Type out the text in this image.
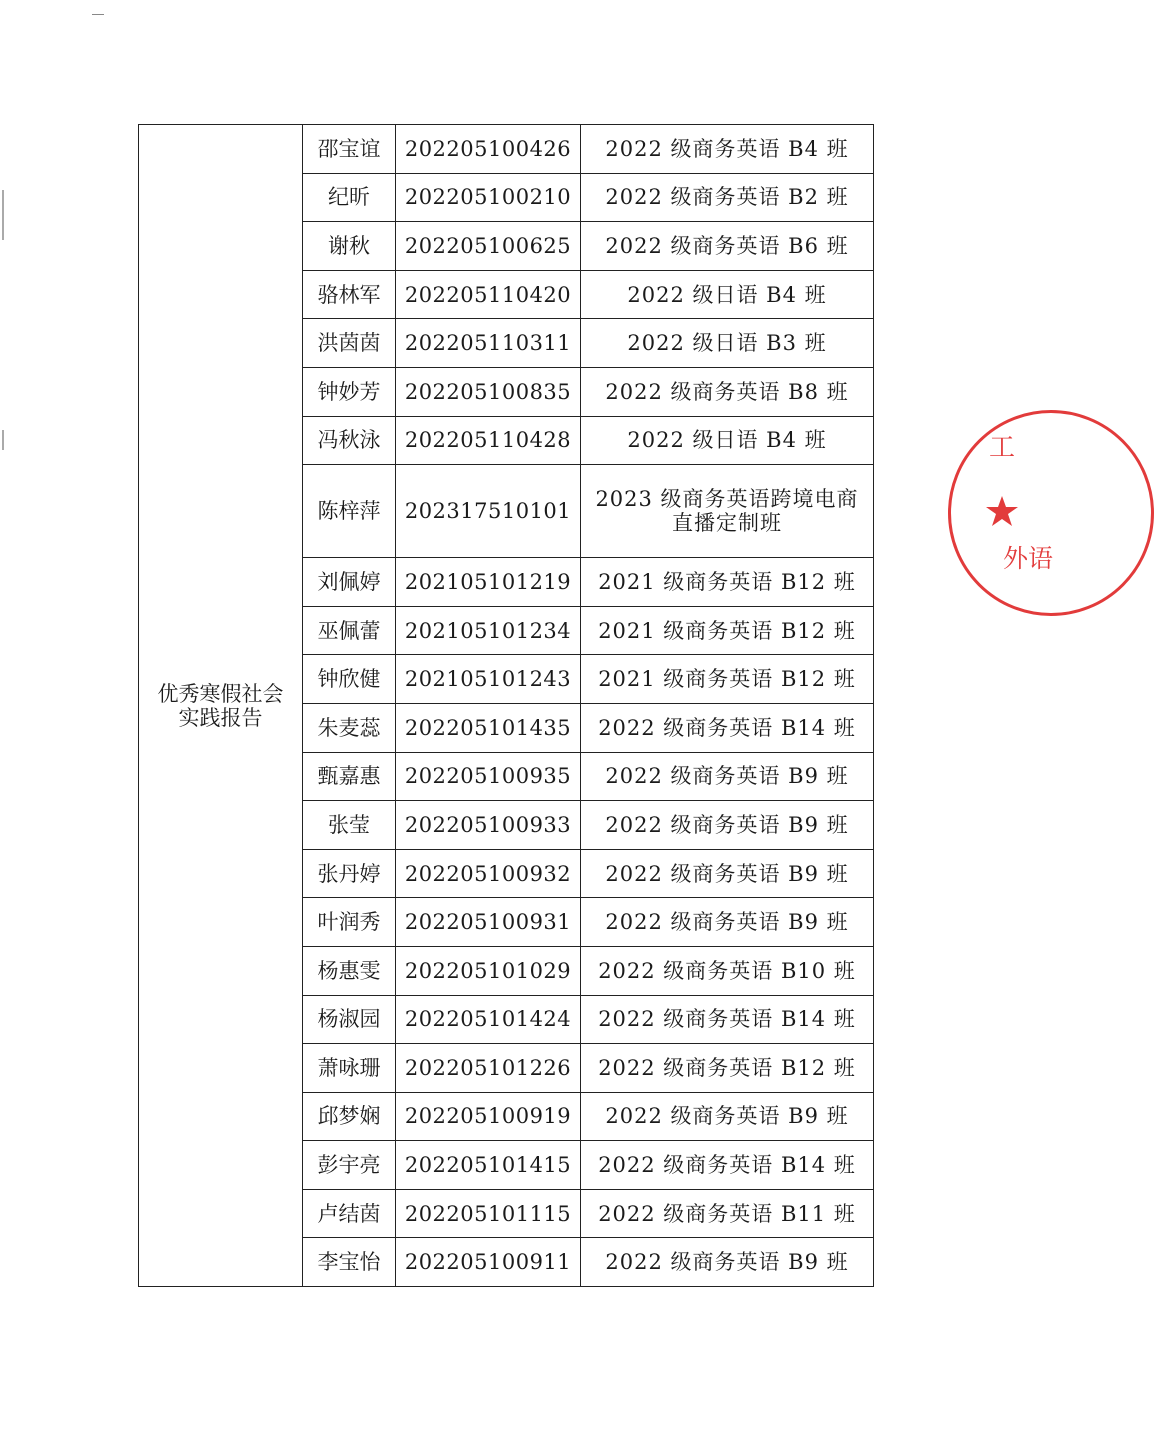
优秀寒假社会
实践报告	邵宝谊	202205100426	2022 级商务英语 B4 班
	纪昕	202205100210	2022 级商务英语 B2 班
	谢秋	202205100625	2022 级商务英语 B6 班
	骆林军	202205110420	2022 级日语 B4 班
	洪茵茵	202205110311	2022 级日语 B3 班
	钟妙芳	202205100835	2022 级商务英语 B8 班
	冯秋泳	202205110428	2022 级日语 B4 班
	陈梓萍	202317510101	2023 级商务英语跨境电商
直播定制班

	刘佩婷	202105101219	2021 级商务英语 B12 班
	巫佩蕾	202105101234	2021 级商务英语 B12 班
	钟欣健	202105101243	2021 级商务英语 B12 班
	朱麦蕊	202205101435	2022 级商务英语 B14 班
	甄嘉惠	202205100935	2022 级商务英语 B9 班
	张莹	202205100933	2022 级商务英语 B9 班
	张丹婷	202205100932	2022 级商务英语 B9 班
	叶润秀	202205100931	2022 级商务英语 B9 班
	杨惠雯	202205101029	2022 级商务英语 B10 班
	杨淑园	202205101424	2022 级商务英语 B14 班
	萧咏珊	202205101226	2022 级商务英语 B12 班
	邱梦娴	202205100919	2022 级商务英语 B9 班
	彭宇亮	202205101415	2022 级商务英语 B14 班
	卢结茵	202205101115	2022 级商务英语 B11 班
	李宝怡	202205100911	2022 级商务英语 B9 班
工
外语
